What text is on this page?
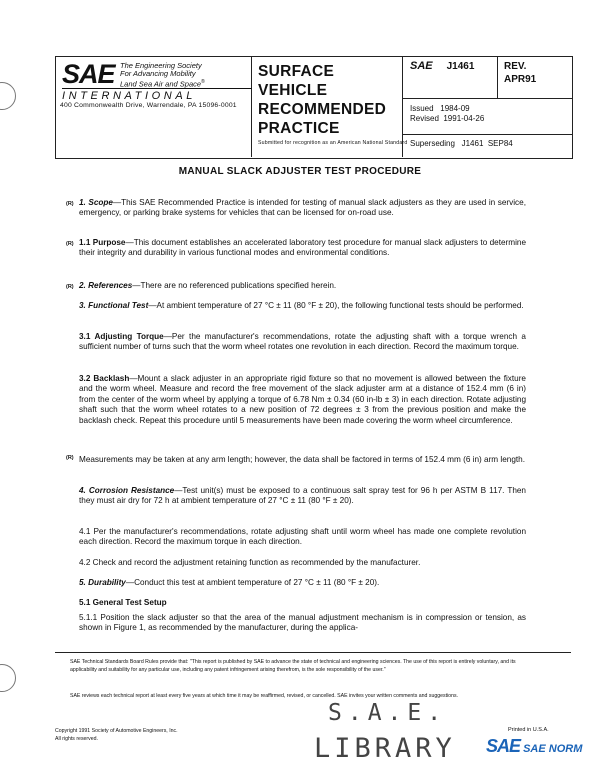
SAE The Engineering Society
For Advancing Mobility
Land Sea Air and Space®
INTERNATIONAL
400 Commonwealth Drive, Warrendale, PA 15096-0001
SURFACE
VEHICLE
RECOMMENDED
PRACTICE
Submitted for recognition as an American National Standard
SAE J1461	REV.
APR91
Issued   1984-09
Revised  1991-04-26
Superseding   J1461  SEP84
MANUAL SLACK ADJUSTER TEST PROCEDURE
(R)
(R)
(R)
(R)
1. Scope—This SAE Recommended Practice is intended for testing of manual slack adjusters as they are used in service, emergency, or parking brake systems for vehicles that can be licensed for on-road use.
1.1 Purpose—This document establishes an accelerated laboratory test procedure for manual slack adjusters to determine their integrity and durability in various functional modes and environmental conditions.
2. References—There are no referenced publications specified herein.
3. Functional Test—At ambient temperature of 27 °C ± 11 (80 °F ± 20), the following functional tests should be performed.
3.1 Adjusting Torque—Per the manufacturer's recommendations, rotate the adjusting shaft with a torque wrench a sufficient number of turns such that the worm wheel rotates one revolution in each direction. Record the maximum torque.
3.2 Backlash—Mount a slack adjuster in an appropriate rigid fixture so that no movement is allowed between the fixture and the worm wheel. Measure and record the free movement of the slack adjuster arm at a distance of 152.4 mm (6 in) from the center of the worm wheel by applying a torque of 6.78 Nm ± 0.34 (60 in-lb ± 3) in each direction. Rotate adjusting shaft such that the worm wheel rotates to a new position of 72 degrees ± 3 from the previous position and make the backlash check. Repeat this procedure until 5 measurements have been made covering the worm wheel circumference.
Measurements may be taken at any arm length; however, the data shall be factored in terms of 152.4 mm (6 in) arm length.
4. Corrosion Resistance—Test unit(s) must be exposed to a continuous salt spray test for 96 h per ASTM B 117. Then they must air dry for 72 h at ambient temperature of 27 °C ± 11 (80 °F ± 20).
4.1 Per the manufacturer's recommendations, rotate adjusting shaft until worm wheel has made one complete revolution each direction. Record the maximum torque in each direction.
4.2 Check and record the adjustment retaining function as recommended by the manufacturer.
5. Durability—Conduct this test at ambient temperature of 27 °C ± 11 (80 °F ± 20).
5.1 General Test Setup
5.1.1 Position the slack adjuster so that the area of the manual adjustment mechanism is in compression or tension, as shown in Figure 1, as recommended by the manufacturer, during the applica-
SAE Technical Standards Board Rules provide that: "This report is published by SAE to advance the state of technical and engineering sciences. The use of this report is entirely voluntary, and its applicability and suitability for any particular use, including any patent infringement arising therefrom, is the sole responsibility of the user."
SAE reviews each technical report at least every five years at which time it may be reaffirmed, revised, or cancelled. SAE invites your written comments and suggestions.
Copyright 1991 Society of Automotive Engineers, Inc.
All rights reserved.
S.A.E.
LIBRARY
Printed in U.S.A.
SAE SAE NORM
